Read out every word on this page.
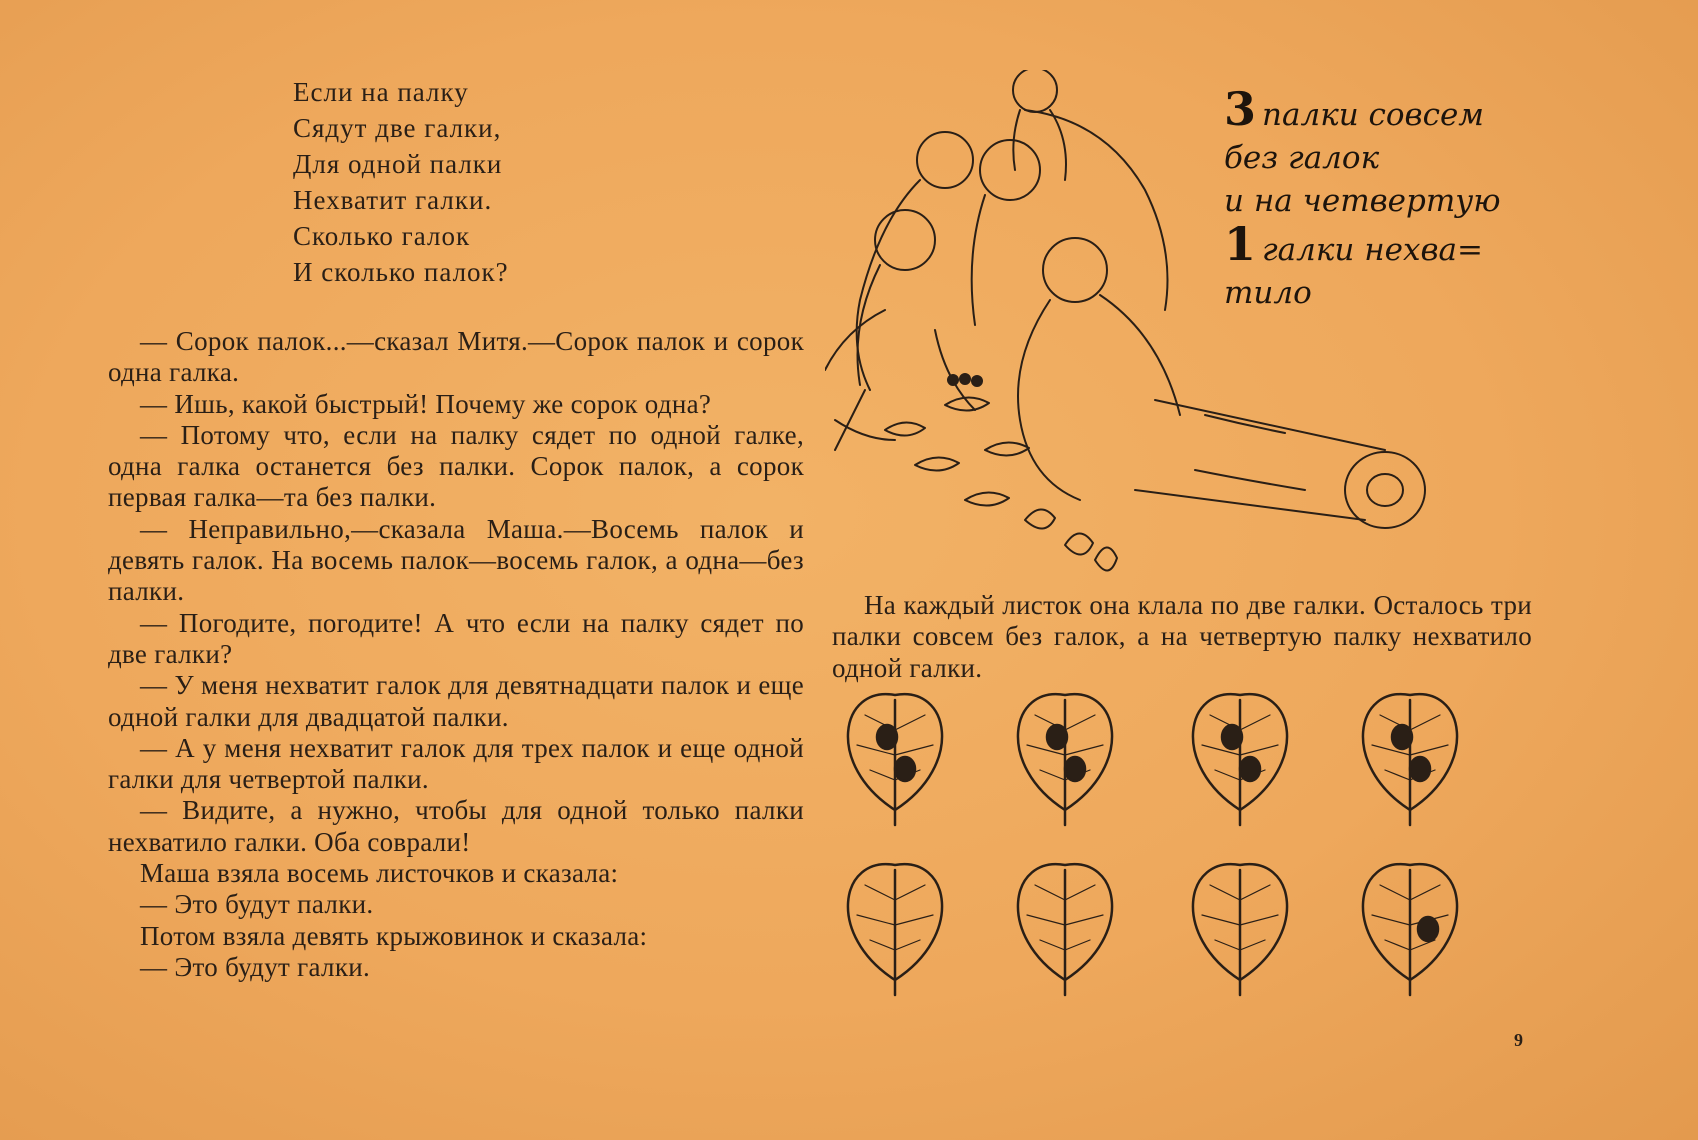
Если на палку
Сядут две галки,
Для одной палки
Нехватит галки.
Сколько галок
И сколько палок?

— Сорок палок...—сказал Митя.—Сорок палок и сорок одна галка.

— Ишь, какой быстрый! Почему же сорок одна?

— Потому что, если на палку сядет по одной галке, одна галка останется без палки. Сорок палок, а сорок первая галка—та без палки.

— Неправильно,—сказала Маша.—Восемь палок и девять галок. На восемь палок—восемь галок, а одна—без палки.

— Погодите, погодите! А что если на палку сядет по две галки?

— У меня нехватит галок для девятнадцати палок и еще одной галки для двадцатой палки.

— А у меня нехватит галок для трех палок и еще одной галки для четвертой палки.

— Видите, а нужно, чтобы для одной только палки нехватило галки. Оба соврали!

Маша взяла восемь листочков и сказала:

— Это будут палки.

Потом взяла девять крыжовинок и сказала:

— Это будут галки.

3 палки совсем
без галок
и на четвертую
1 галки нехва=
тило
На каждый листок она клала по две галки. Осталось три палки совсем без галок, а на четвертую палку нехватило одной галки.
9
